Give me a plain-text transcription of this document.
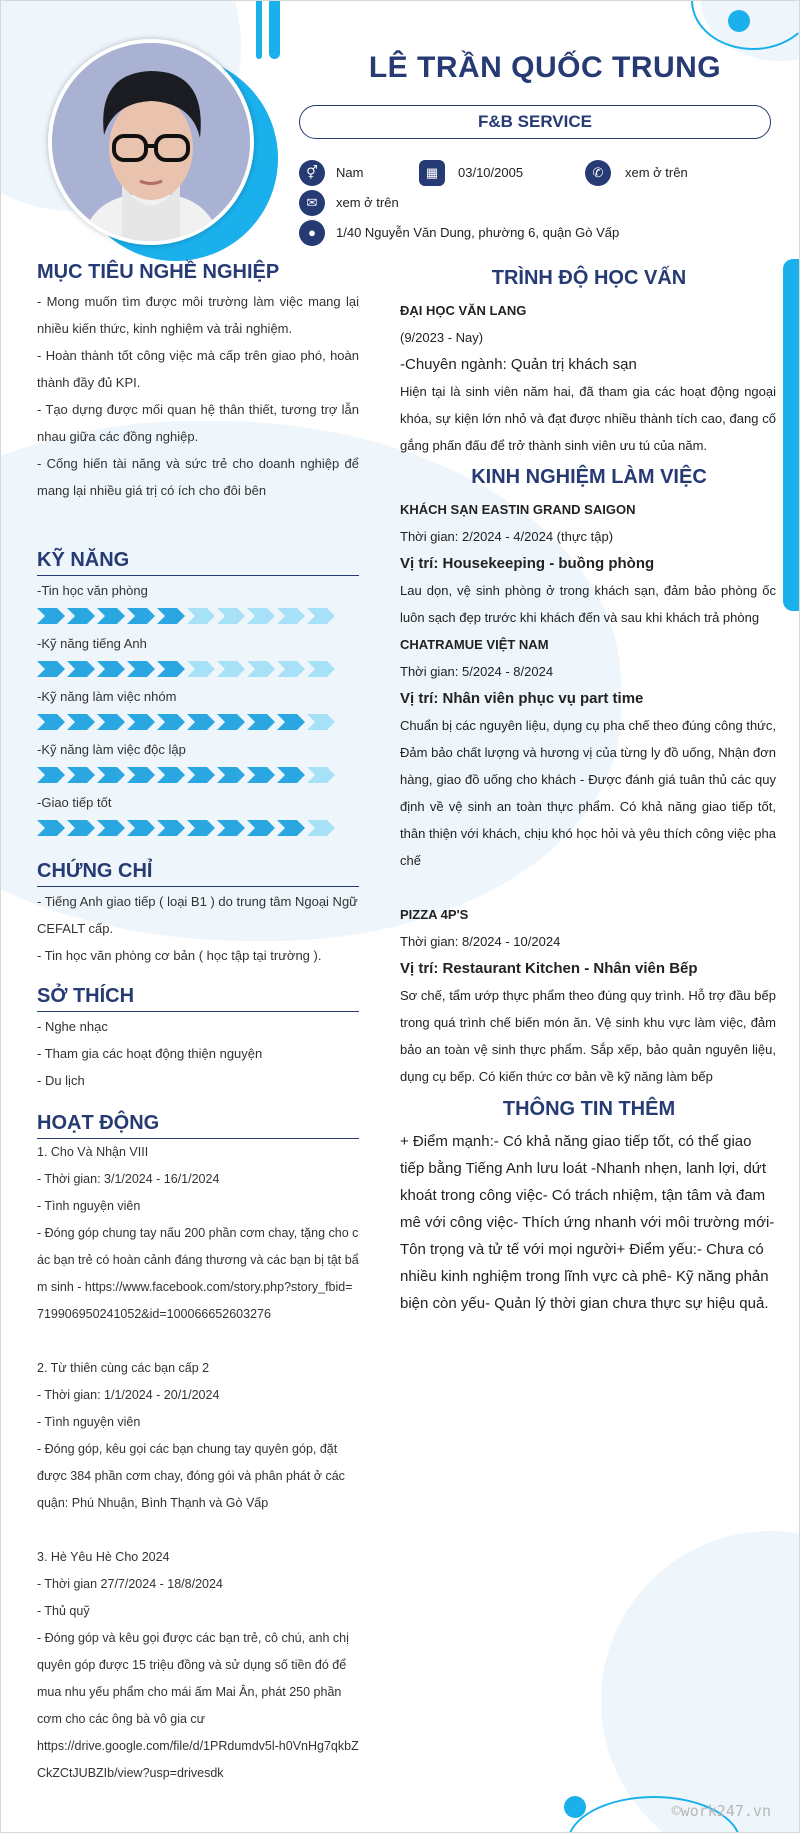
LÊ TRẦN QUỐC TRUNG
F&B SERVICE
⚥	Nam	▦	03/10/2005	✆	xem ở trên
✉	xem ở trên
●	1/40 Nguyễn Văn Dung, phường 6, quận Gò Vấp
MỤC TIÊU NGHỀ NGHIỆP

- Mong muốn tìm được môi trường làm việc mang lại nhiều kiến thức, kinh nghiệm và trải nghiệm.

- Hoàn thành tốt công việc mà cấp trên giao phó, hoàn thành đầy đủ KPI.

- Tạo dựng được mối quan hệ thân thiết, tương trợ lẫn nhau giữa các đồng nghiệp.

- Cống hiến tài năng và sức trẻ cho doanh nghiệp để mang lại nhiều giá trị có ích cho đôi bên

KỸ NĂNG
-Tin học văn phòng
-Kỹ năng tiếng Anh
-Kỹ năng làm việc nhóm
-Kỹ năng làm việc độc lập
-Giao tiếp tốt
CHỨNG CHỈ

- Tiếng Anh giao tiếp ( loại B1 ) do trung tâm Ngoại Ngữ CEFALT cấp.

- Tin học văn phòng cơ bản ( học tập tại trường ).

SỞ THÍCH

- Nghe nhạc

- Tham gia các hoạt động thiện nguyện

- Du lịch

HOẠT ĐỘNG

1. Cho Và Nhận VIII

- Thời gian: 3/1/2024 - 16/1/2024

- Tình nguyện viên

- Đóng góp chung tay nấu 200 phần cơm chay, tặng cho các bạn trẻ có hoàn cảnh đáng thương và các bạn bị tật bẩm sinh - https://www.facebook.com/story.php?story_fbid= 719906950241052&id=100066652603276

2. Từ thiên cùng các bạn cấp 2

- Thời gian: 1/1/2024 - 20/1/2024

- Tình nguyện viên

- Đóng góp, kêu gọi các bạn chung tay quyên góp, đặt được 384 phần cơm chay, đóng gói và phân phát ở các quận: Phú Nhuận, Bình Thạnh và Gò Vấp

3. Hè Yêu Hè Cho 2024

- Thời gian 27/7/2024 - 18/8/2024

- Thủ quỹ

- Đóng góp và kêu gọi được các bạn trẻ, cô chú, anh chị quyên góp được 15 triệu đồng và sử dụng số tiền đó để mua nhu yếu phẩm cho mái ấm Mai Ân, phát 250 phần cơm cho các ông bà vô gia cư

https://drive.google.com/file/d/1PRdumdv5l-h0VnHg7qkbZCkZCtJUBZIb/view?usp=drivesdk

TRÌNH ĐỘ HỌC VẤN

ĐẠI HỌC VĂN LANG

(9/2023 - Nay)

-Chuyên ngành: Quản trị khách sạn

Hiện tại là sinh viên năm hai, đã tham gia các hoạt động ngoại khóa, sự kiện lớn nhỏ và đạt được nhiều thành tích cao, đang cố gắng phấn đấu để trở thành sinh viên ưu tú của năm.

KINH NGHIỆM LÀM VIỆC

KHÁCH SẠN EASTIN GRAND SAIGON

Thời gian: 2/2024 - 4/2024 (thực tập)

Vị trí: Housekeeping - buồng phòng

Lau dọn, vệ sinh phòng ở trong khách sạn, đảm bảo phòng ốc luôn sạch đẹp trước khi khách đến và sau khi khách trả phòng

CHATRAMUE VIỆT NAM

Thời gian: 5/2024 - 8/2024

Vị trí: Nhân viên phục vụ part time

Chuẩn bị các nguyên liệu, dụng cụ pha chế theo đúng công thức, Đảm bảo chất lượng và hương vị của từng ly đồ uống, Nhận đơn hàng, giao đồ uống cho khách - Được đánh giá tuân thủ các quy định về vệ sinh an toàn thực phẩm. Có khả năng giao tiếp tốt, thân thiện với khách, chịu khó học hỏi và yêu thích công việc pha chế

PIZZA 4P'S

Thời gian: 8/2024 - 10/2024

Vị trí: Restaurant Kitchen - Nhân viên Bếp

Sơ chế, tẩm ướp thực phẩm theo đúng quy trình. Hỗ trợ đầu bếp trong quá trình chế biến món ăn. Vệ sinh khu vực làm việc, đảm bảo an toàn vệ sinh thực phẩm. Sắp xếp, bảo quản nguyên liệu, dụng cụ bếp. Có kiến thức cơ bản về kỹ năng làm bếp

THÔNG TIN THÊM

+ Điểm mạnh:- Có khả năng giao tiếp tốt, có thể giao tiếp bằng Tiếng Anh lưu loát -Nhanh nhẹn, lanh lợi, dứt khoát trong công việc- Có trách nhiệm, tận tâm và đam mê với công việc- Thích ứng nhanh với môi trường mới- Tôn trọng và tử tế với mọi người+ Điểm yếu:- Chưa có nhiều kinh nghiệm trong lĩnh vực cà phê- Kỹ năng phản biện còn yếu- Quản lý thời gian chưa thực sự hiệu quả.

©work247.vn
